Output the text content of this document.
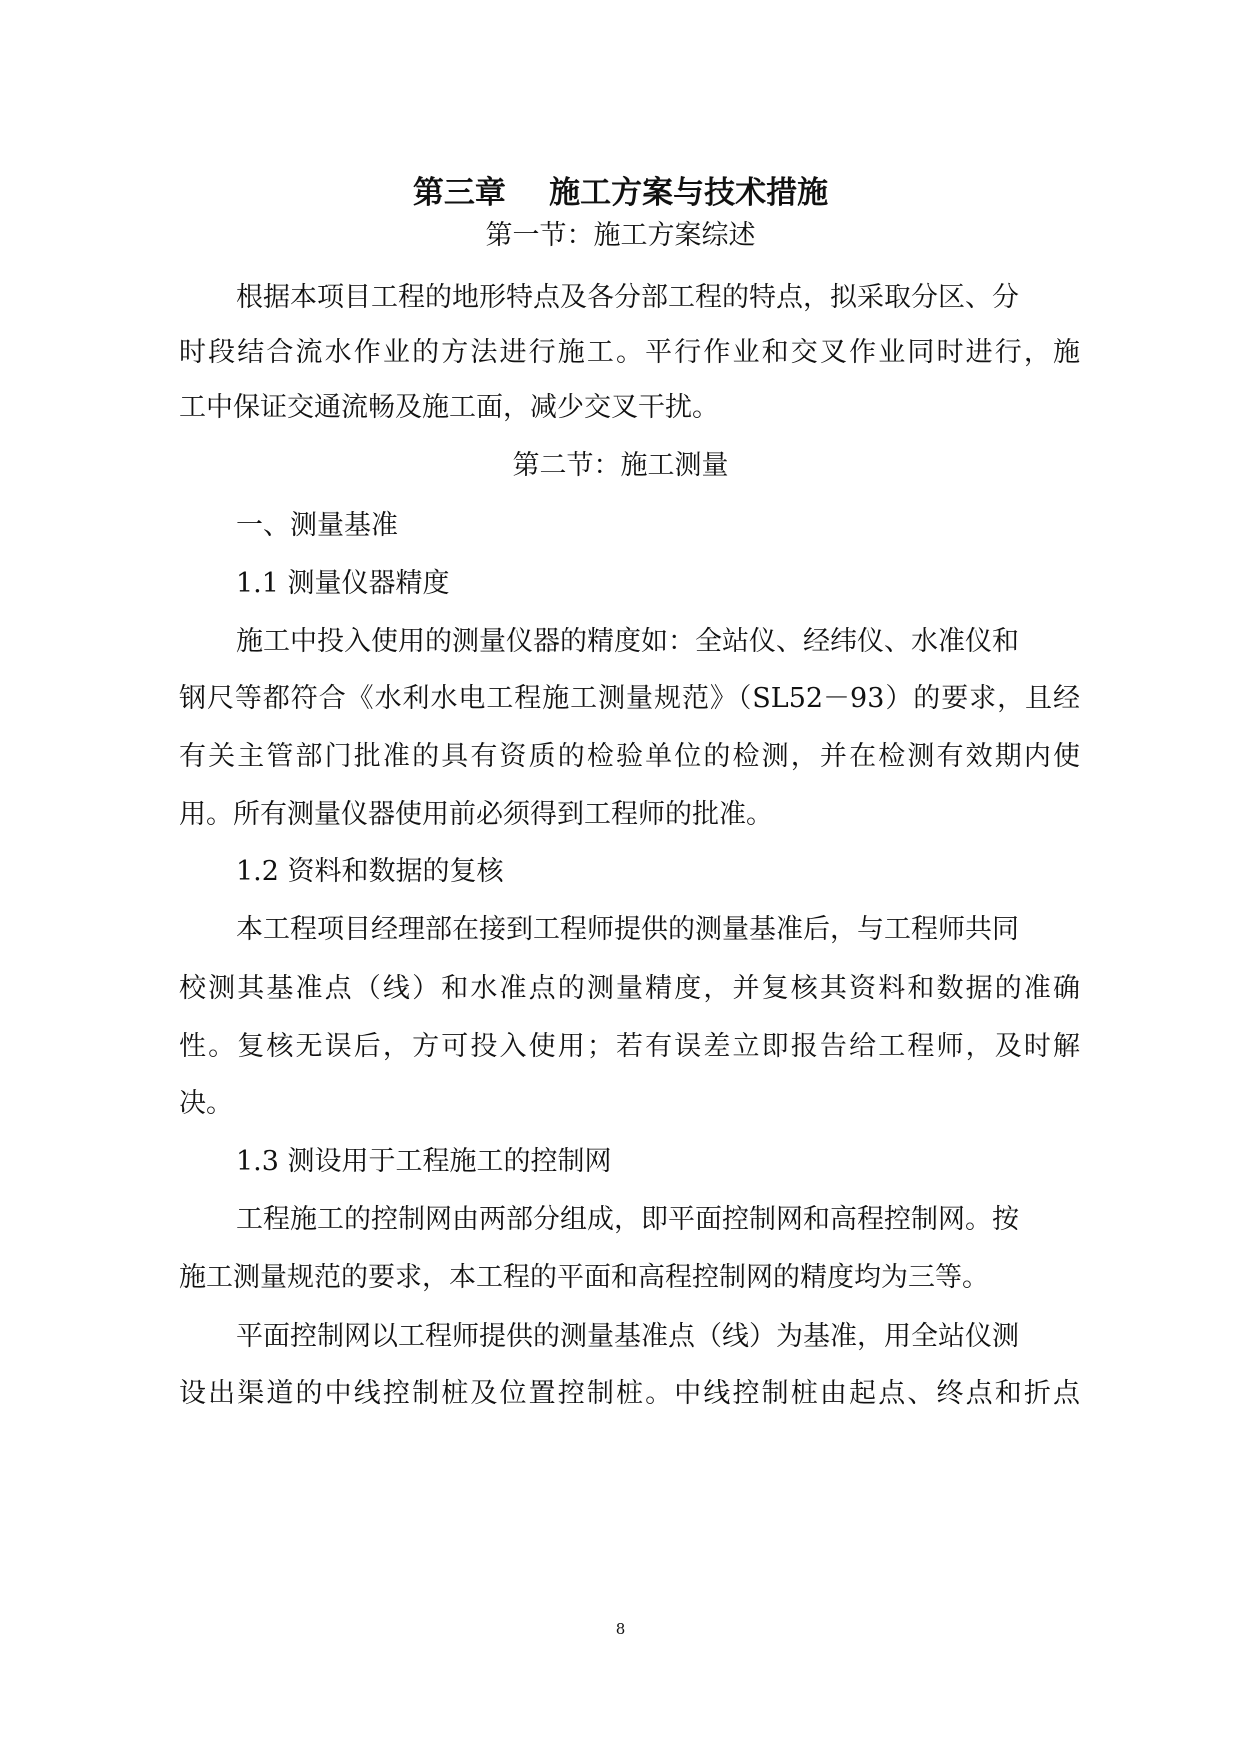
第三章    施工方案与技术措施
第一节：施工方案综述
根据本项目工程的地形特点及各分部工程的特点，拟采取分区、分
时段结合流水作业的方法进行施工。平行作业和交叉作业同时进行，施
工中保证交通流畅及施工面，减少交叉干扰。
第二节：施工测量
一、测量基准
1.1 测量仪器精度
施工中投入使用的测量仪器的精度如：全站仪、经纬仪、水准仪和
钢尺等都符合《水利水电工程施工测量规范》（SL52－93）的要求，且经
有关主管部门批准的具有资质的检验单位的检测，并在检测有效期内使
用。所有测量仪器使用前必须得到工程师的批准。
1.2 资料和数据的复核
本工程项目经理部在接到工程师提供的测量基准后，与工程师共同
校测其基准点（线）和水准点的测量精度，并复核其资料和数据的准确
性。复核无误后，方可投入使用；若有误差立即报告给工程师，及时解
决。
1.3 测设用于工程施工的控制网
工程施工的控制网由两部分组成，即平面控制网和高程控制网。按
施工测量规范的要求，本工程的平面和高程控制网的精度均为三等。
平面控制网以工程师提供的测量基准点（线）为基准，用全站仪测
设出渠道的中线控制桩及位置控制桩。中线控制桩由起点、终点和折点
8
